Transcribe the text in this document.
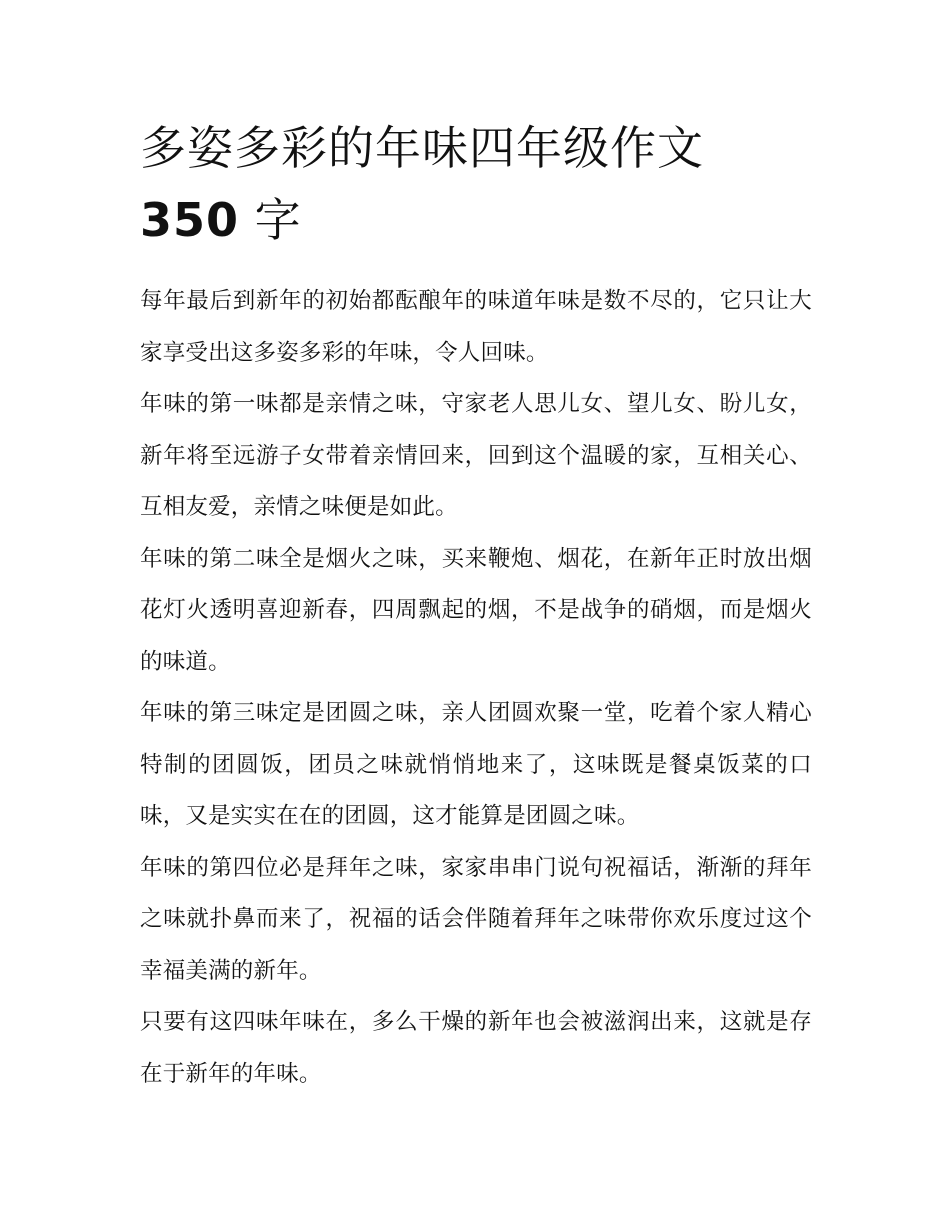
多姿多彩的年味四年级作文
350 字

每年最后到新年的初始都酝酿年的味道年味是数不尽的，它只让大家享受出这多姿多彩的年味，令人回味。

年味的第一味都是亲情之味，守家老人思儿女、望儿女、盼儿女，新年将至远游子女带着亲情回来，回到这个温暖的家，互相关心、互相友爱，亲情之味便是如此。

年味的第二味全是烟火之味，买来鞭炮、烟花，在新年正时放出烟花灯火透明喜迎新春，四周飘起的烟，不是战争的硝烟，而是烟火的味道。

年味的第三味定是团圆之味，亲人团圆欢聚一堂，吃着个家人精心特制的团圆饭，团员之味就悄悄地来了，这味既是餐桌饭菜的口味，又是实实在在的团圆，这才能算是团圆之味。

年味的第四位必是拜年之味，家家串串门说句祝福话，渐渐的拜年之味就扑鼻而来了，祝福的话会伴随着拜年之味带你欢乐度过这个幸福美满的新年。

只要有这四味年味在，多么干燥的新年也会被滋润出来，这就是存在于新年的年味。
